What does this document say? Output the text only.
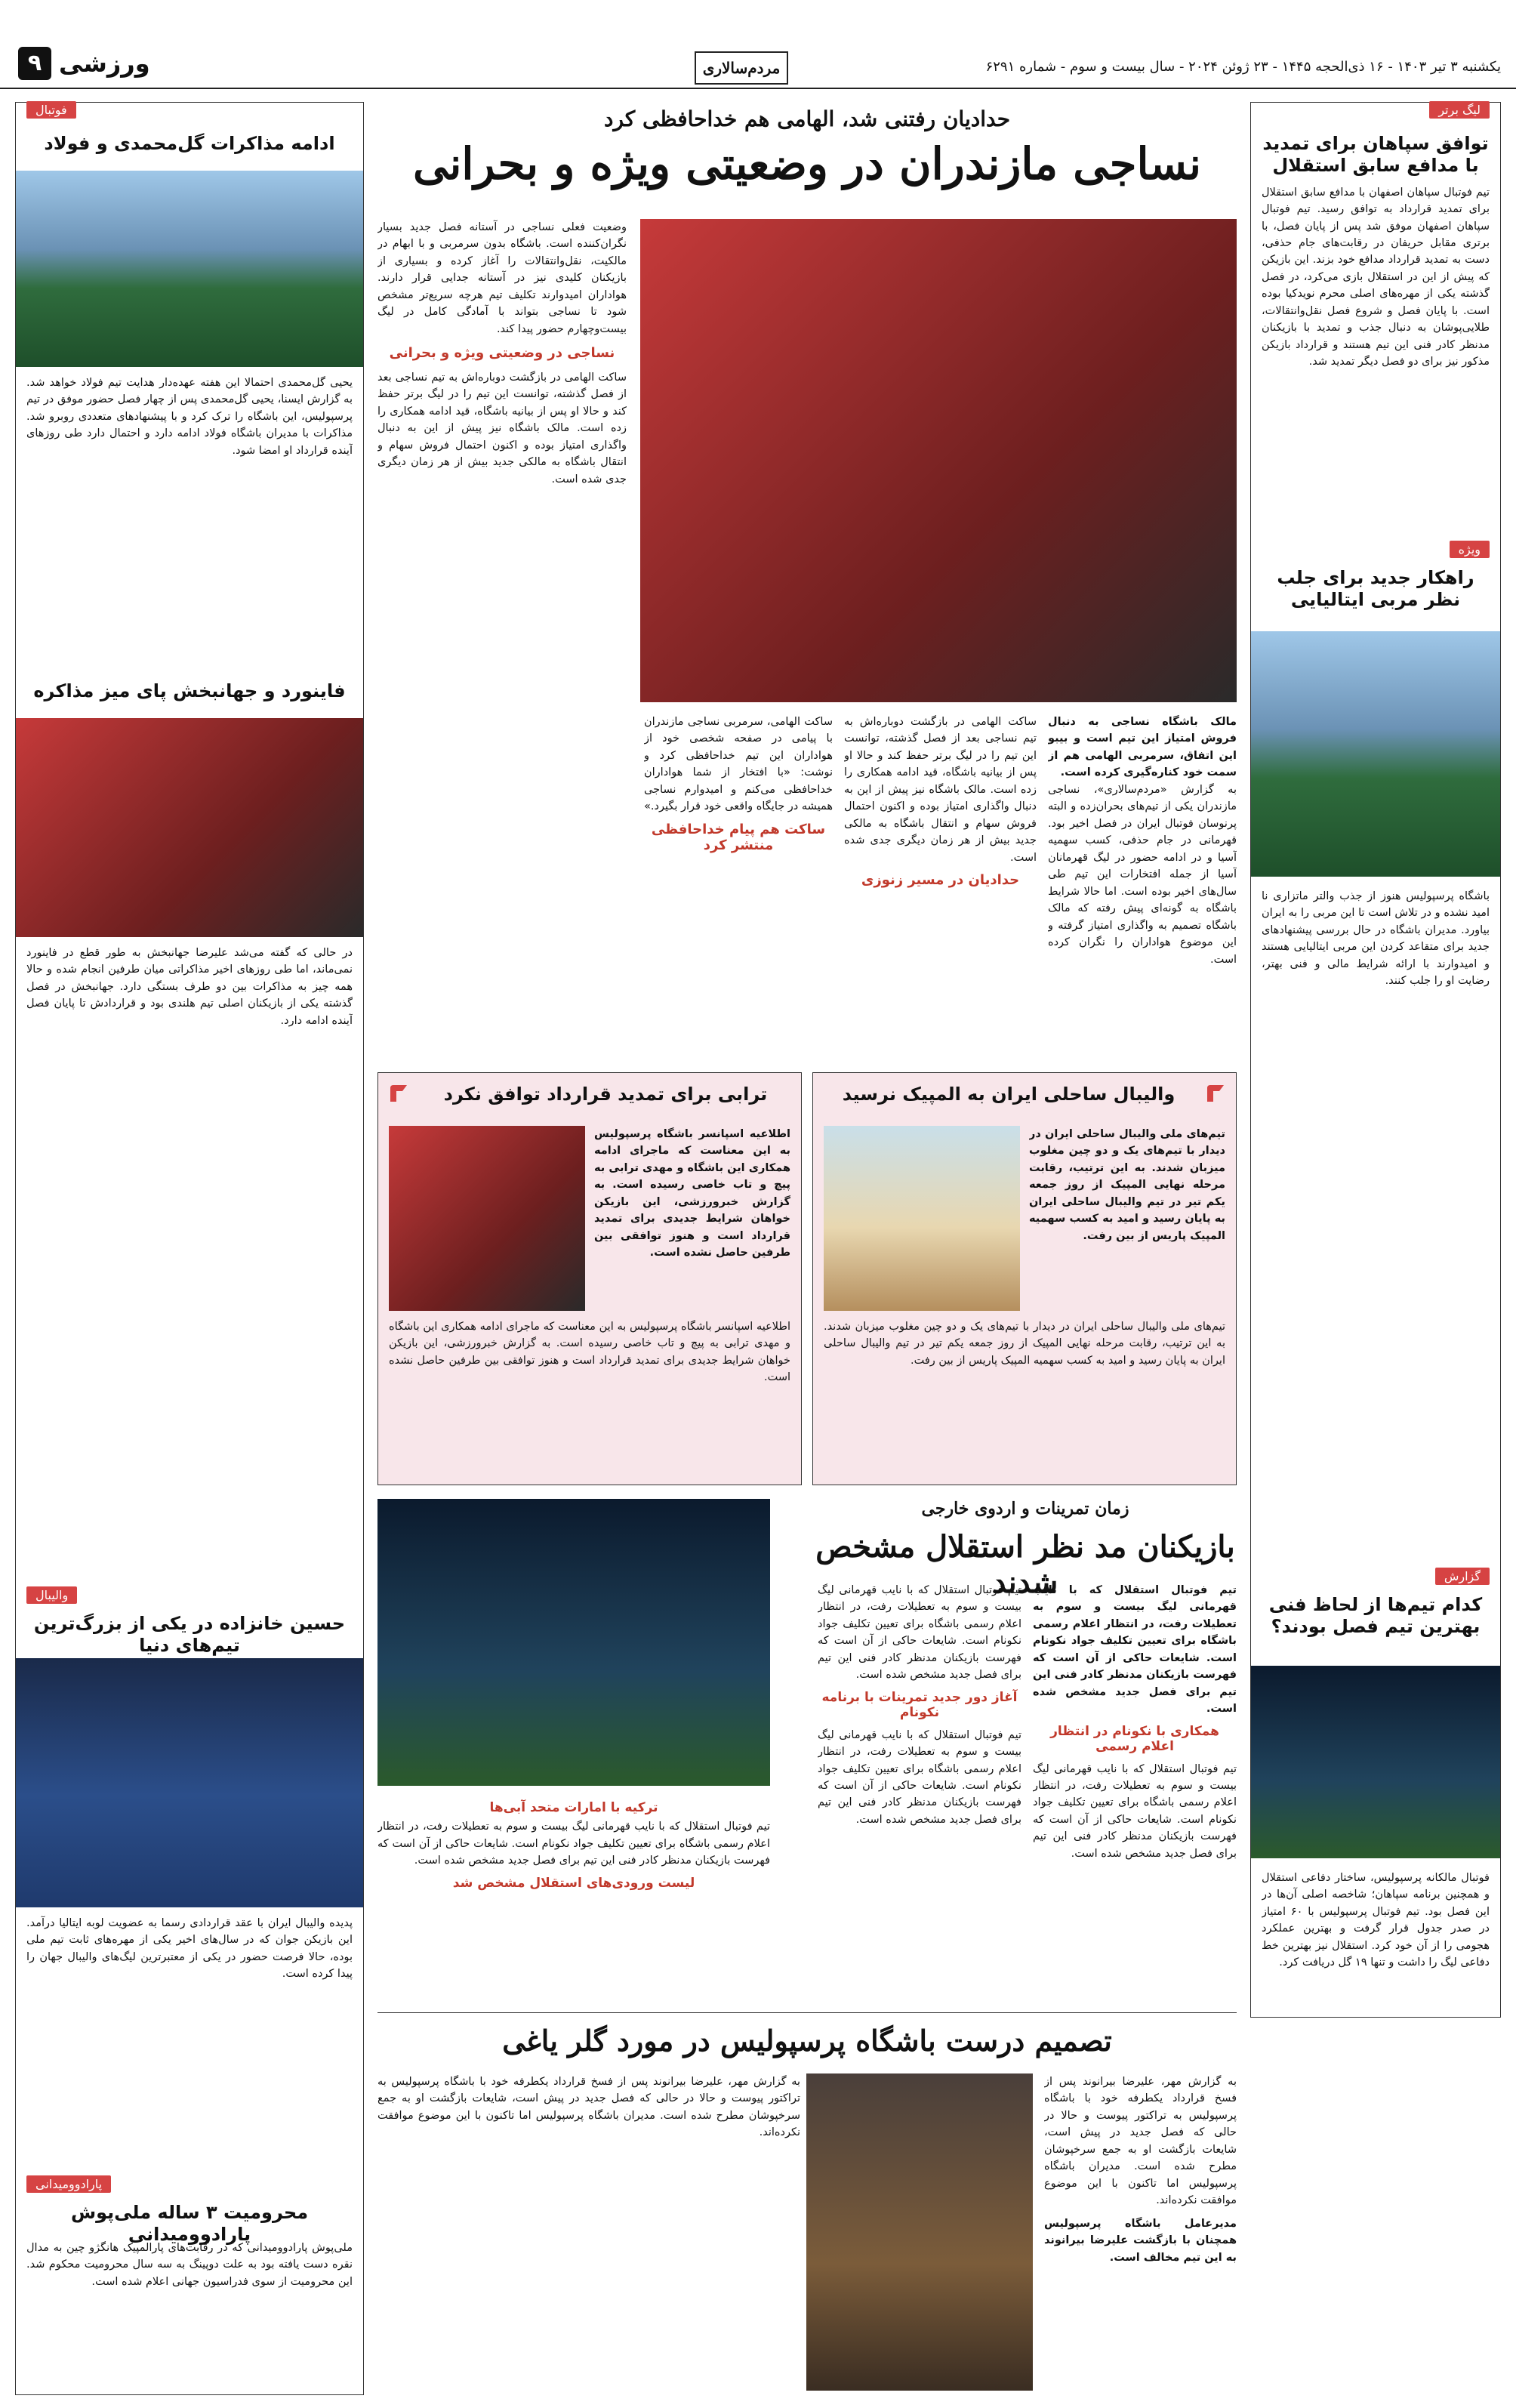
یکشنبه ۳ تیر ۱۴۰۳ - ۱۶ ذی‌الحجه ۱۴۴۵ - ۲۳ ژوئن ۲۰۲۴ - سال بیست و سوم - شماره ۶۲۹۱
مردم‌سالاری
ورزشی
۹
لیگ برتر
توافق سپاهان برای تمدید با مدافع سابق استقلال
تیم فوتبال سپاهان اصفهان با مدافع سابق استقلال برای تمدید قرارداد به توافق رسید. تیم فوتبال سپاهان اصفهان موفق شد پس از پایان فصل، با برتری مقابل حریفان در رقابت‌های جام حذفی، دست به تمدید قرارداد مدافع خود بزند. این بازیکن که پیش از این در استقلال بازی می‌کرد، در فصل گذشته یکی از مهره‌های اصلی محرم نویدکیا بوده است. با پایان فصل و شروع فصل نقل‌وانتقالات، طلایی‌پوشان به دنبال جذب و تمدید با بازیکنان مدنظر کادر فنی این تیم هستند و قرارداد بازیکن مذکور نیز برای دو فصل دیگر تمدید شد.
ویژه
راهکار جدید برای جلب نظر مربی ایتالیایی
باشگاه پرسپولیس هنوز از جذب والتر ماتزاری نا امید نشده و در تلاش است تا این مربی را به ایران بیاورد. مدیران باشگاه در حال بررسی پیشنهادهای جدید برای متقاعد کردن این مربی ایتالیایی هستند و امیدوارند با ارائه شرایط مالی و فنی بهتر، رضایت او را جلب کنند.
گزارش
کدام تیم‌ها از لحاظ فنی بهترین تیم فصل بودند؟
فوتبال مالکانه پرسپولیس، ساختار دفاعی استقلال و همچنین برنامه سپاهان؛ شاخصه اصلی آن‌ها در این فصل بود. تیم فوتبال پرسپولیس با ۶۰ امتیاز در صدر جدول قرار گرفت و بهترین عملکرد هجومی را از آن خود کرد. استقلال نیز بهترین خط دفاعی لیگ را داشت و تنها ۱۹ گل دریافت کرد.
فوتبال
ادامه مذاکرات گل‌محمدی و فولاد
یحیی گل‌محمدی احتمالا این هفته عهده‌دار هدایت تیم فولاد خواهد شد. به گزارش ایسنا، یحیی گل‌محمدی پس از چهار فصل حضور موفق در تیم پرسپولیس، این باشگاه را ترک کرد و با پیشنهادهای متعددی روبرو شد. مذاکرات با مدیران باشگاه فولاد ادامه دارد و احتمال دارد طی روزهای آینده قرارداد او امضا شود.
فاینورد و جهانبخش پای میز مذاکره
در حالی که گفته می‌شد علیرضا جهانبخش به طور قطع در فاینورد نمی‌ماند، اما طی روزهای اخیر مذاکراتی میان طرفین انجام شده و حالا همه چیز به مذاکرات بین دو طرف بستگی دارد. جهانبخش در فصل گذشته یکی از بازیکنان اصلی تیم هلندی بود و قراردادش تا پایان فصل آینده ادامه دارد.
والیبال
حسین خانزاده در یکی از بزرگ‌ترین تیم‌های دنیا
پدیده والیبال ایران با عقد قراردادی رسما به عضویت لوبه ایتالیا درآمد. این بازیکن جوان که در سال‌های اخیر یکی از مهره‌های ثابت تیم ملی بوده، حالا فرصت حضور در یکی از معتبرترین لیگ‌های والیبال جهان را پیدا کرده است.
پارادوومیدانی
محرومیت ۳ ساله ملی‌پوش پارادوومیدانی
ملی‌پوش پارادوومیدانی که در رقابت‌های پارالمپیک هانگژو چین به مدال نقره دست یافته بود به علت دوپینگ به سه سال محرومیت محکوم شد. این محرومیت از سوی فدراسیون جهانی اعلام شده است.
حدادیان رفتنی شد، الهامی هم خداحافظی کرد
نساجی مازندران در وضعیتی ویژه و بحرانی
وضعیت فعلی نساجی در آستانه فصل جدید بسیار نگران‌کننده است. باشگاه بدون سرمربی و با ابهام در مالکیت، نقل‌وانتقالات را آغاز کرده و بسیاری از بازیکنان کلیدی نیز در آستانه جدایی قرار دارند. هواداران امیدوارند تکلیف تیم هرچه سریع‌تر مشخص شود تا نساجی بتواند با آمادگی کامل در لیگ بیست‌وچهارم حضور پیدا کند.
نساجی در وضعیتی ویژه و بحرانی
ساکت الهامی در بازگشت دوباره‌اش به تیم نساجی بعد از فصل گذشته، توانست این تیم را در لیگ برتر حفظ کند و حالا او پس از بیانیه باشگاه، قید ادامه همکاری را زده است. مالک باشگاه نیز پیش از این به دنبال واگذاری امتیاز بوده و اکنون احتمال فروش سهام و انتقال باشگاه به مالکی جدید بیش از هر زمان دیگری جدی شده است.
مالک باشگاه نساجی به دنبال فروش امتیاز این تیم است و بیبو این اتفاق، سرمربی الهامی هم از سمت خود کناره‌گیری کرده است.
به گزارش «مردم‌سالاری»، نساجی مازندران یکی از تیم‌های بحران‌زده و البته پرنوسان فوتبال ایران در فصل اخیر بود. قهرمانی در جام حذفی، کسب سهمیه آسیا و در ادامه حضور در لیگ قهرمانان آسیا از جمله افتخارات این تیم طی سال‌های اخیر بوده است. اما حالا شرایط باشگاه به گونه‌ای پیش رفته که مالک باشگاه تصمیم به واگذاری امتیاز گرفته و این موضوع هواداران را نگران کرده است.
ساکت الهامی در بازگشت دوباره‌اش به تیم نساجی بعد از فصل گذشته، توانست این تیم را در لیگ برتر حفظ کند و حالا او پس از بیانیه باشگاه، قید ادامه همکاری را زده است. مالک باشگاه نیز پیش از این به دنبال واگذاری امتیاز بوده و اکنون احتمال فروش سهام و انتقال باشگاه به مالکی جدید بیش از هر زمان دیگری جدی شده است.
حدادیان در مسیر زنوزی
ساکت الهامی، سرمربی نساجی مازندران با پیامی در صفحه شخصی خود از هواداران این تیم خداحافظی کرد و نوشت: «با افتخار از شما هواداران خداحافظی می‌کنم و امیدوارم نساجی همیشه در جایگاه واقعی خود قرار بگیرد.»
ساکت هم پیام خداحافظی منتشر کرد
والیبال ساحلی ایران به المپیک نرسید
تیم‌های ملی والیبال ساحلی ایران در دیدار با تیم‌های یک و دو چین مغلوب میزبان شدند. به این ترتیب، رقابت مرحله نهایی المپیک از روز جمعه یکم تیر در تیم والیبال ساحلی ایران به پایان رسید و امید به کسب سهمیه المپیک پاریس از بین رفت.
تیم‌های ملی والیبال ساحلی ایران در دیدار با تیم‌های یک و دو چین مغلوب میزبان شدند. به این ترتیب، رقابت مرحله نهایی المپیک از روز جمعه یکم تیر در تیم والیبال ساحلی ایران به پایان رسید و امید به کسب سهمیه المپیک پاریس از بین رفت.
ترابی برای تمدید قرارداد توافق نکرد
اطلاعیه اسپانسر باشگاه پرسپولیس به این معناست که ماجرای ادامه همکاری این باشگاه و مهدی ترابی به پیچ و تاب خاصی رسیده است. به گزارش خبرورزشی، این بازیکن خواهان شرایط جدیدی برای تمدید قرارداد است و هنوز توافقی بین طرفین حاصل نشده است.
اطلاعیه اسپانسر باشگاه پرسپولیس به این معناست که ماجرای ادامه همکاری این باشگاه و مهدی ترابی به پیچ و تاب خاصی رسیده است. به گزارش خبرورزشی، این بازیکن خواهان شرایط جدیدی برای تمدید قرارداد است و هنوز توافقی بین طرفین حاصل نشده است.
زمان تمرینات و اردوی خارجی
بازیکنان مد نظر استقلال مشخص شدند
تیم فوتبال استقلال که با نایب قهرمانی لیگ بیست و سوم به تعطیلات رفت، در انتظار اعلام رسمی باشگاه برای تعیین تکلیف جواد نکونام است. شایعات حاکی از آن است که فهرست بازیکنان مدنظر کادر فنی این تیم برای فصل جدید مشخص شده است.
همکاری با نکونام در انتظار اعلام رسمی
تیم فوتبال استقلال که با نایب قهرمانی لیگ بیست و سوم به تعطیلات رفت، در انتظار اعلام رسمی باشگاه برای تعیین تکلیف جواد نکونام است. شایعات حاکی از آن است که فهرست بازیکنان مدنظر کادر فنی این تیم برای فصل جدید مشخص شده است.
تیم فوتبال استقلال که با نایب قهرمانی لیگ بیست و سوم به تعطیلات رفت، در انتظار اعلام رسمی باشگاه برای تعیین تکلیف جواد نکونام است. شایعات حاکی از آن است که فهرست بازیکنان مدنظر کادر فنی این تیم برای فصل جدید مشخص شده است.
آغاز دور جدید تمرینات با برنامه نکونام
تیم فوتبال استقلال که با نایب قهرمانی لیگ بیست و سوم به تعطیلات رفت، در انتظار اعلام رسمی باشگاه برای تعیین تکلیف جواد نکونام است. شایعات حاکی از آن است که فهرست بازیکنان مدنظر کادر فنی این تیم برای فصل جدید مشخص شده است.
ترکیه با امارات متحد آبی‌ها
تیم فوتبال استقلال که با نایب قهرمانی لیگ بیست و سوم به تعطیلات رفت، در انتظار اعلام رسمی باشگاه برای تعیین تکلیف جواد نکونام است. شایعات حاکی از آن است که فهرست بازیکنان مدنظر کادر فنی این تیم برای فصل جدید مشخص شده است.
لیست ورودی‌های استقلال مشخص شد
تصمیم درست باشگاه پرسپولیس در مورد گلر یاغی
به گزارش مهر، علیرضا بیرانوند پس از فسخ قرارداد یکطرفه خود با باشگاه پرسپولیس به تراکتور پیوست و حالا در حالی که فصل جدید در پیش است، شایعات بازگشت او به جمع سرخپوشان مطرح شده است. مدیران باشگاه پرسپولیس اما تاکنون با این موضوع موافقت نکرده‌اند.
مدیرعامل باشگاه پرسپولیس همچنان با بازگشت علیرضا بیرانوند به این تیم مخالف است.
به گزارش مهر، علیرضا بیرانوند پس از فسخ قرارداد یکطرفه خود با باشگاه پرسپولیس به تراکتور پیوست و حالا در حالی که فصل جدید در پیش است، شایعات بازگشت او به جمع سرخپوشان مطرح شده است. مدیران باشگاه پرسپولیس اما تاکنون با این موضوع موافقت نکرده‌اند.
